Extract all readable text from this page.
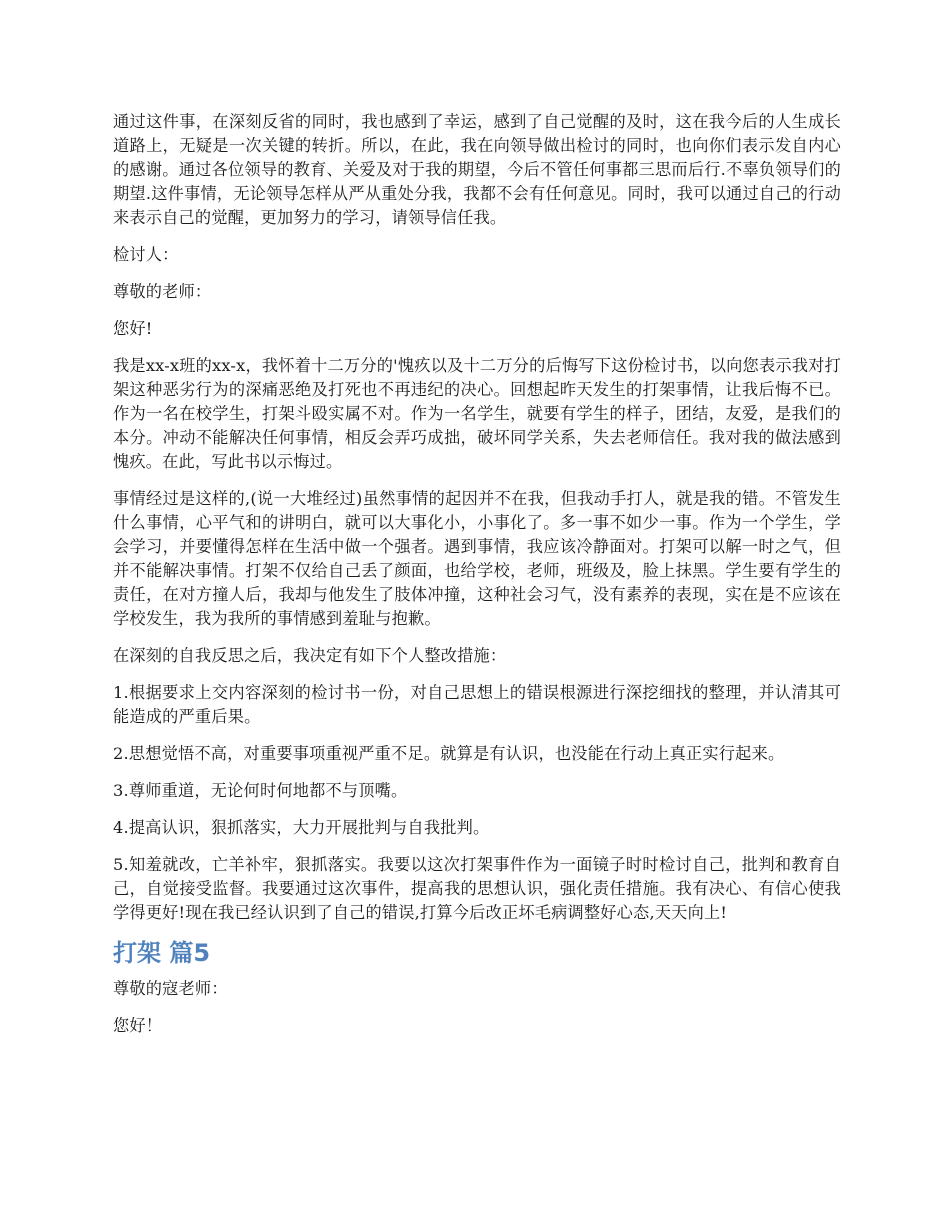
通过这件事，在深刻反省的同时，我也感到了幸运，感到了自己觉醒的及时，这在我今后的人生成长道路上，无疑是一次关键的转折。所以，在此，我在向领导做出检讨的同时，也向你们表示发自内心的感谢。通过各位领导的教育、关爱及对于我的期望，今后不管任何事都三思而后行.不辜负领导们的期望.这件事情，无论领导怎样从严从重处分我，我都不会有任何意见。同时，我可以通过自己的行动来表示自己的觉醒，更加努力的学习，请领导信任我。

检讨人：

尊敬的老师：

您好!

我是xx-x班的xx-x，我怀着十二万分的'愧疚以及十二万分的后悔写下这份检讨书，以向您表示我对打架这种恶劣行为的深痛恶绝及打死也不再违纪的决心。回想起昨天发生的打架事情，让我后悔不已。作为一名在校学生，打架斗殴实属不对。作为一名学生，就要有学生的样子，团结，友爱，是我们的本分。冲动不能解决任何事情，相反会弄巧成拙，破坏同学关系，失去老师信任。我对我的做法感到愧疚。在此，写此书以示悔过。

事情经过是这样的,(说一大堆经过)虽然事情的起因并不在我，但我动手打人，就是我的错。不管发生什么事情，心平气和的讲明白，就可以大事化小，小事化了。多一事不如少一事。作为一个学生，学会学习，并要懂得怎样在生活中做一个强者。遇到事情，我应该冷静面对。打架可以解一时之气，但并不能解决事情。打架不仅给自己丢了颜面，也给学校，老师，班级及，脸上抹黑。学生要有学生的责任，在对方撞人后，我却与他发生了肢体冲撞，这种社会习气，没有素养的表现，实在是不应该在学校发生，我为我所的事情感到羞耻与抱歉。

在深刻的自我反思之后，我决定有如下个人整改措施：

1.根据要求上交内容深刻的检讨书一份，对自己思想上的错误根源进行深挖细找的整理，并认清其可能造成的严重后果。

2.思想觉悟不高，对重要事项重视严重不足。就算是有认识，也没能在行动上真正实行起来。

3.尊师重道，无论何时何地都不与顶嘴。

4.提高认识，狠抓落实，大力开展批判与自我批判。

5.知羞就改，亡羊补牢，狠抓落实。我要以这次打架事件作为一面镜子时时检讨自己，批判和教育自己，自觉接受监督。我要通过这次事件，提高我的思想认识，强化责任措施。我有决心、有信心使我学得更好!现在我已经认识到了自己的错误,打算今后改正坏毛病调整好心态,天天向上!

打架 篇5

尊敬的寇老师：

您好！
